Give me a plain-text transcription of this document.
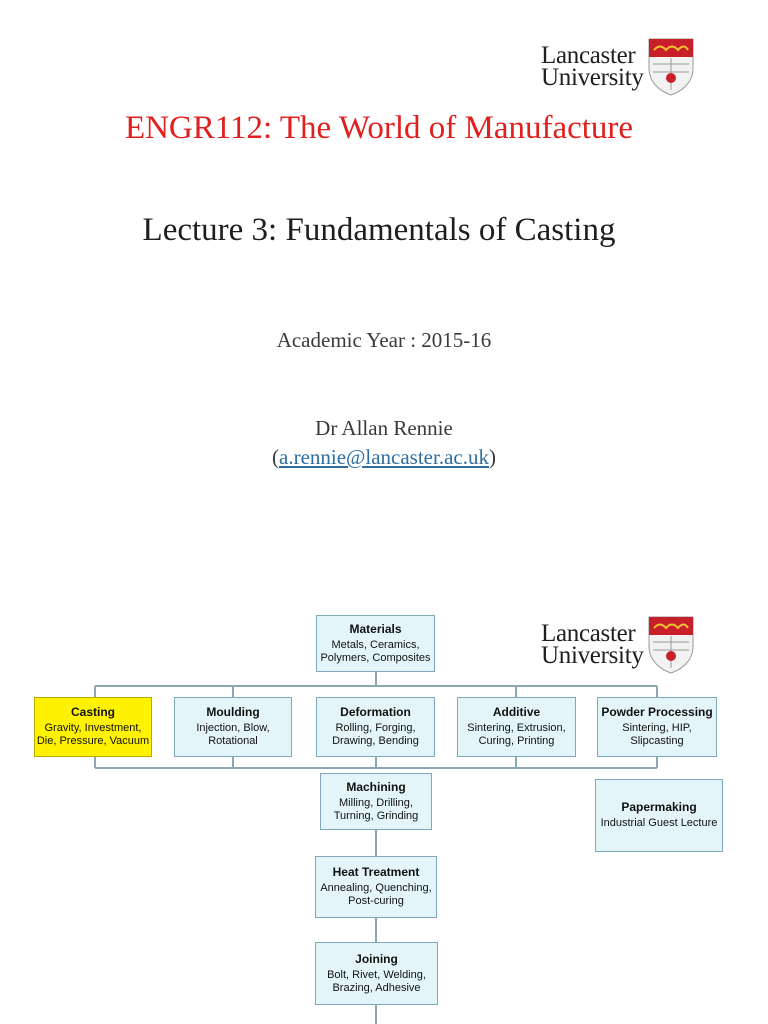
Lancaster
University
ENGR112: The World of Manufacture
Lecture 3: Fundamentals of Casting
Academic Year : 2015-16
Dr Allan Rennie
(a.rennie@lancaster.ac.uk)
Lancaster
University
Materials
Metals, Ceramics, Polymers, Composites
Casting
Gravity, Investment, Die, Pressure, Vacuum
Moulding
Injection, Blow, Rotational
Deformation
Rolling, Forging, Drawing, Bending
Additive
Sintering, Extrusion, Curing, Printing
Powder Processing
Sintering, HIP, Slipcasting
Machining
Milling, Drilling, Turning, Grinding
Papermaking
Industrial Guest Lecture
Heat Treatment
Annealing, Quenching, Post-curing
Joining
Bolt, Rivet, Welding, Brazing, Adhesive
